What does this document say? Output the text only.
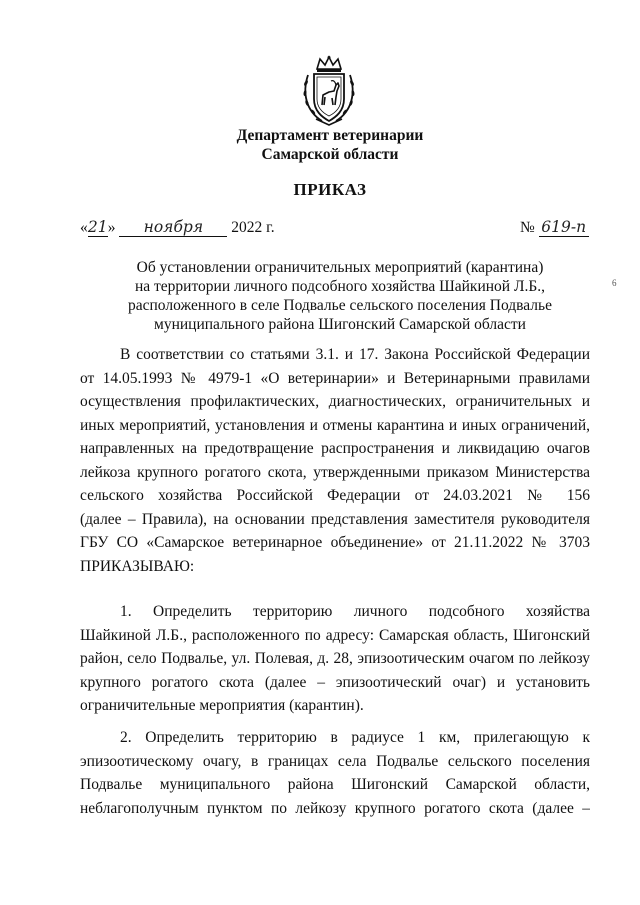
Департамент ветеринарии
Самарской области
ПРИКАЗ
«21» ноября 2022 г.	№ 619-п
6
Об установлении ограничительных мероприятий (карантина)
на территории личного подсобного хозяйства Шайкиной Л.Б.,
расположенного в селе Подвалье сельского поселения Подвалье
муниципального района Шигонский Самарской области
В соответствии со статьями 3.1. и 17. Закона Российской Федерации
от 14.05.1993 № 4979-1 «О ветеринарии» и Ветеринарными правилами
осуществления профилактических, диагностических, ограничительных и
иных мероприятий, установления и отмены карантина и иных ограничений,
направленных на предотвращение распространения и ликвидацию очагов
лейкоза крупного рогатого скота, утвержденными приказом Министерства
сельского хозяйства Российской Федерации от 24.03.2021 № 156
(далее – Правила), на основании представления заместителя руководителя
ГБУ СО «Самарское ветеринарное объединение» от 21.11.2022 № 3703
ПРИКАЗЫВАЮ:
1. Определить территорию личного подсобного хозяйства
Шайкиной Л.Б., расположенного по адресу: Самарская область, Шигонский
район, село Подвалье, ул. Полевая, д. 28, эпизоотическим очагом по лейкозу
крупного рогатого скота (далее – эпизоотический очаг) и установить
ограничительные мероприятия (карантин).
2. Определить территорию в радиусе 1 км, прилегающую к
эпизоотическому очагу, в границах села Подвалье сельского поселения
Подвалье муниципального района Шигонский Самарской области,
неблагополучным пунктом по лейкозу крупного рогатого скота (далее –
